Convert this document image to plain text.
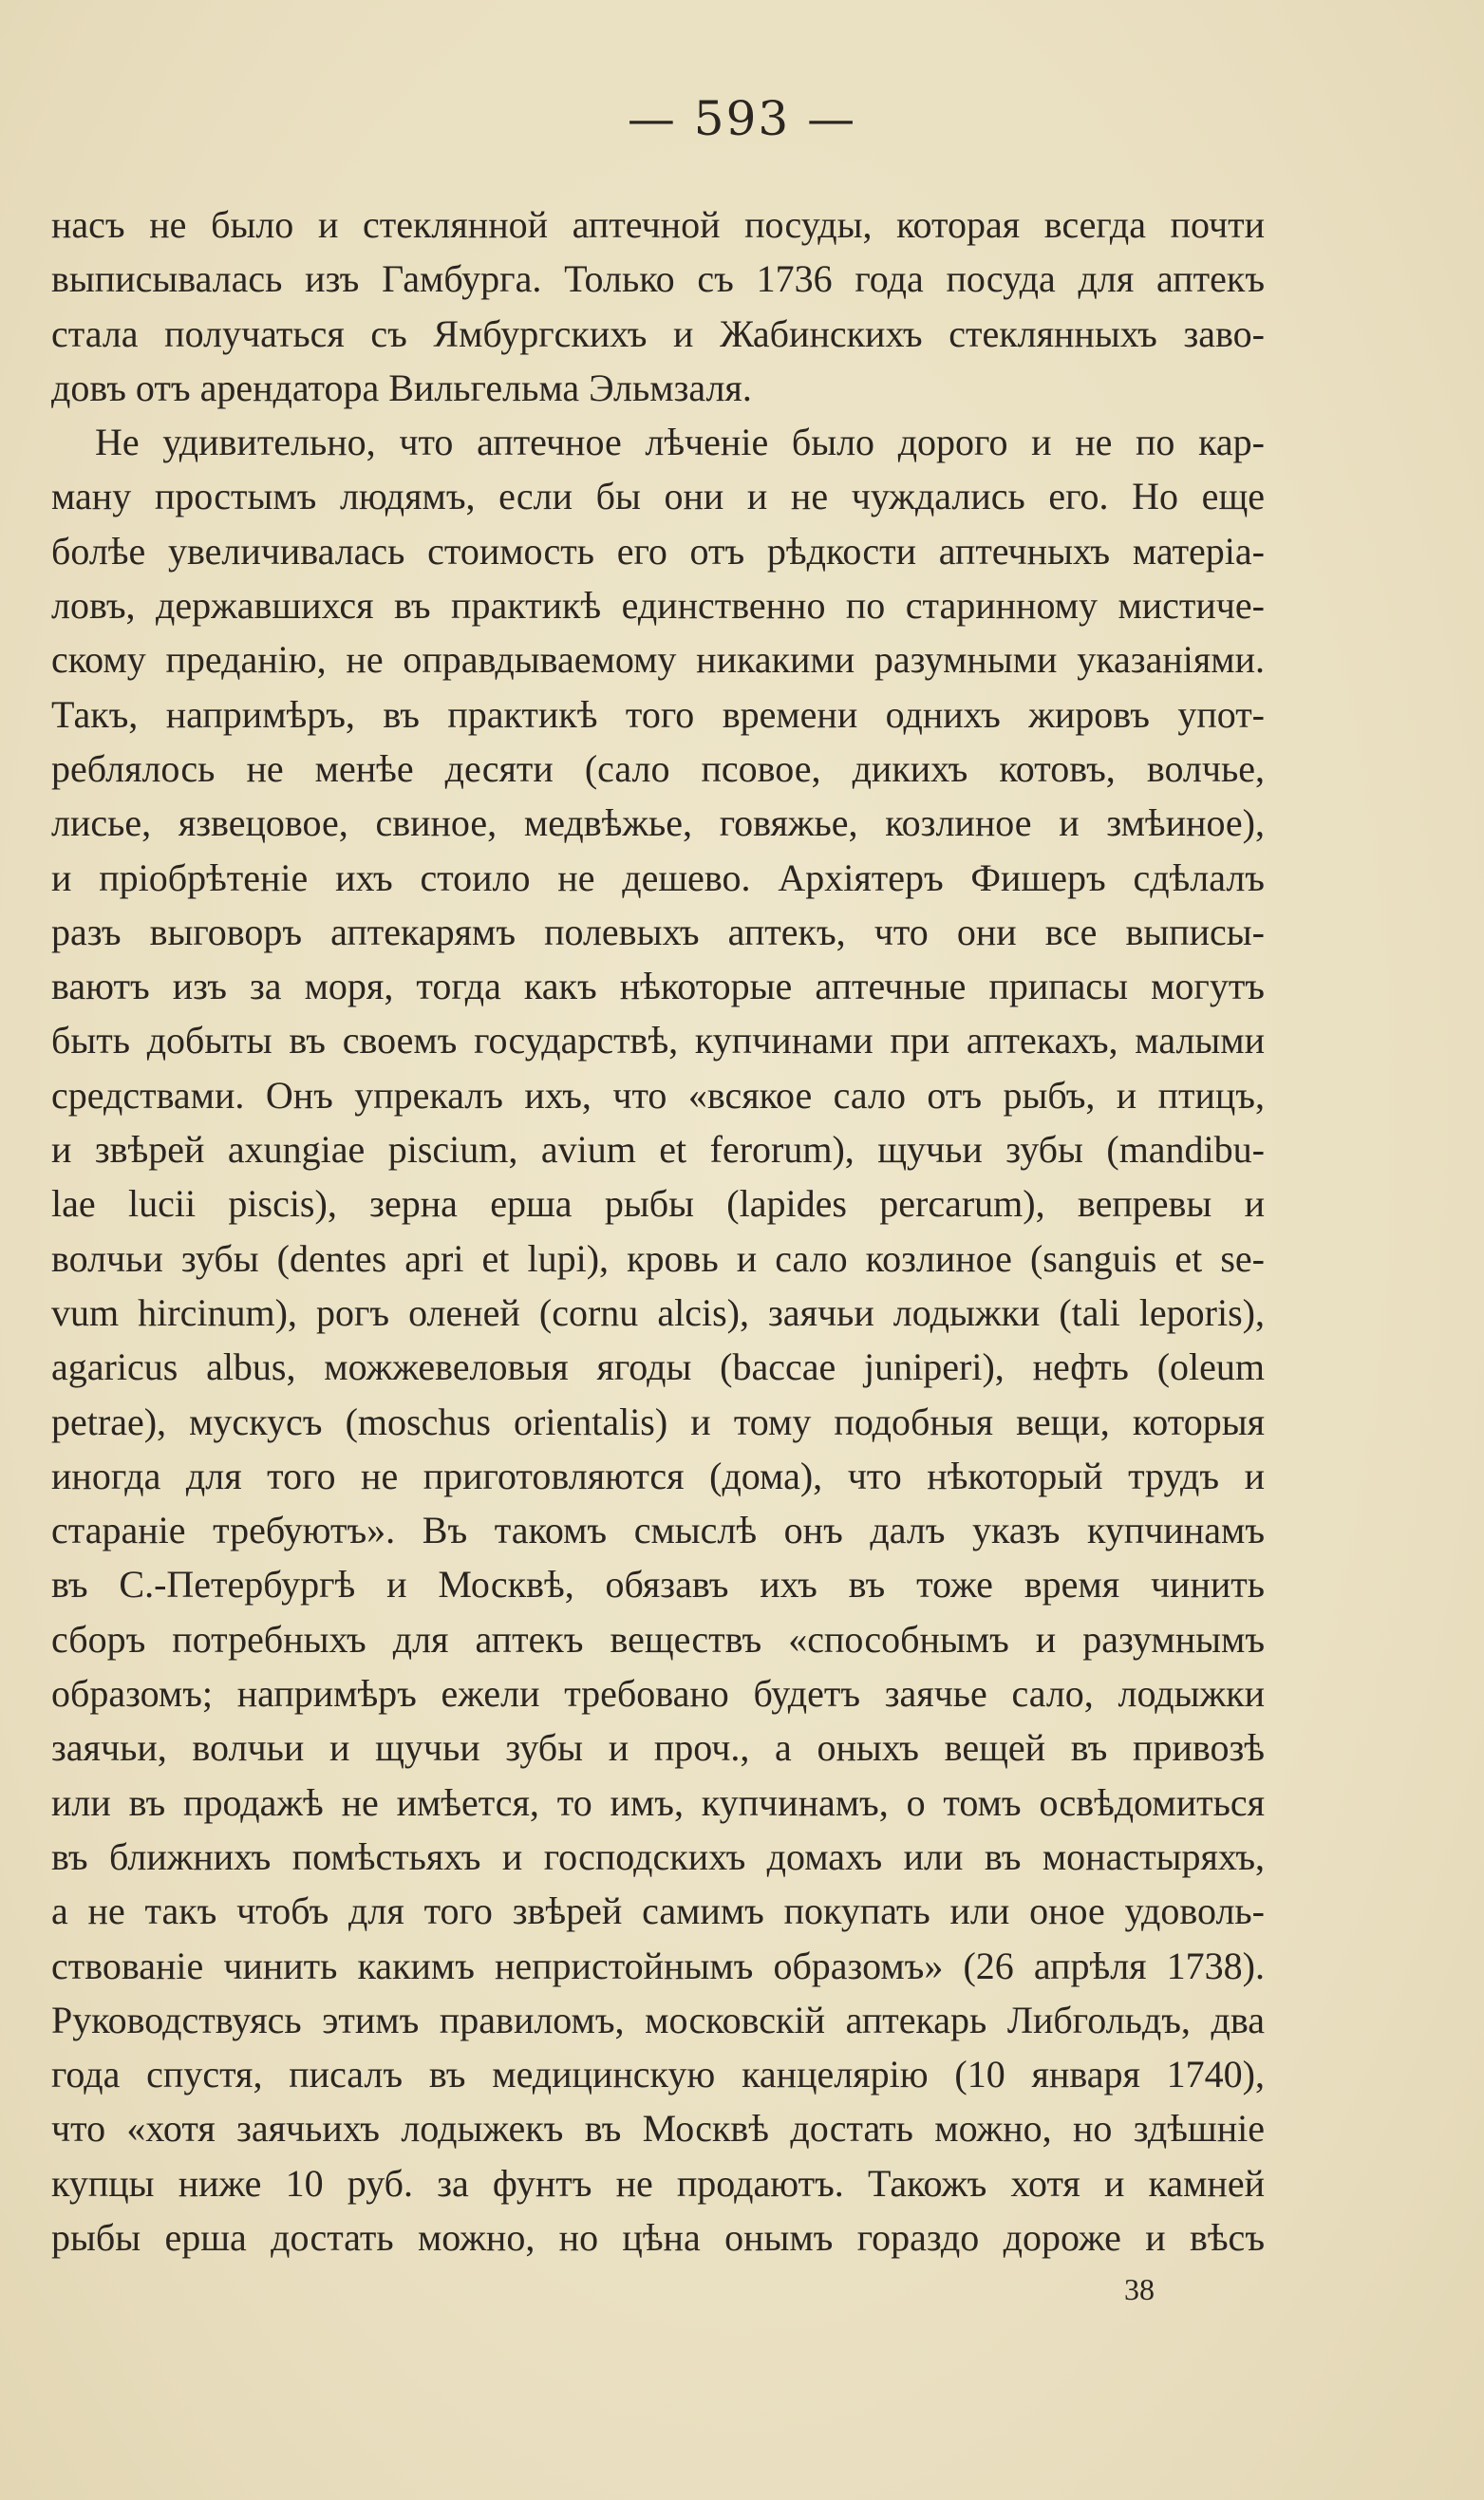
— 593 —
насъ не было и стеклянной аптечной посуды, которая всегда почти
выписывалась изъ Гамбурга. Только съ 1736 года посуда для аптекъ
стала получаться съ Ямбургскихъ и Жабинскихъ стеклянныхъ заво-
довъ отъ арендатора Вильгельма Эльмзаля.
Не удивительно, что аптечное лѣченіе было дорого и не по кар-
ману простымъ людямъ, если бы они и не чуждались его. Но еще
болѣе увеличивалась стоимость его отъ рѣдкости аптечныхъ матеріа-
ловъ, державшихся въ практикѣ единственно по старинному мистиче-
скому преданію, не оправдываемому никакими разумными указаніями.
Такъ, напримѣръ, въ практикѣ того времени однихъ жировъ упот-
реблялось не менѣе десяти (сало псовое, дикихъ котовъ, волчье,
лисье, язвецовое, свиное, медвѣжье, говяжье, козлиное и змѣиное),
и пріобрѣтеніе ихъ стоило не дешево. Архіятеръ Фишеръ сдѣлалъ
разъ выговоръ аптекарямъ полевыхъ аптекъ, что они все выписы-
ваютъ изъ за моря, тогда какъ нѣкоторые аптечные припасы могутъ
быть добыты въ своемъ государствѣ, купчинами при аптекахъ, малыми
средствами. Онъ упрекалъ ихъ, что «всякое сало отъ рыбъ, и птицъ,
и звѣрей axungiae piscium, avium et ferorum), щучьи зубы (mandibu-
lae lucii piscis), зерна ерша рыбы (lapides percarum), вепревы и
волчьи зубы (dentes apri et lupi), кровь и сало козлиное (sanguis et se-
vum hircinum), рогъ оленей (cornu alcis), заячьи лодыжки (tali leporis),
agaricus albus, можжевеловыя ягоды (baccae juniperi), нефть (oleum
petrae), мускусъ (moschus orientalis) и тому подобныя вещи, которыя
иногда для того не приготовляются (дома), что нѣкоторый трудъ и
стараніе требуютъ». Въ такомъ смыслѣ онъ далъ указъ купчинамъ
въ С.-Петербургѣ и Москвѣ, обязавъ ихъ въ тоже время чинить
сборъ потребныхъ для аптекъ веществъ «способнымъ и разумнымъ
образомъ; напримѣръ ежели требовано будетъ заячье сало, лодыжки
заячьи, волчьи и щучьи зубы и проч., а оныхъ вещей въ привозѣ
или въ продажѣ не имѣется, то имъ, купчинамъ, о томъ освѣдомиться
въ ближнихъ помѣстьяхъ и господскихъ домахъ или въ монастыряхъ,
а не такъ чтобъ для того звѣрей самимъ покупать или оное удоволь-
ствованіе чинить какимъ непристойнымъ образомъ» (26 апрѣля 1738).
Руководствуясь этимъ правиломъ, московскій аптекарь Либгольдъ, два
года спустя, писалъ въ медицинскую канцелярію (10 января 1740),
что «хотя заячьихъ лодыжекъ въ Москвѣ достать можно, но здѣшніе
купцы ниже 10 руб. за фунтъ не продаютъ. Такожъ хотя и камней
рыбы ерша достать можно, но цѣна онымъ гораздо дороже и вѣсъ
38
